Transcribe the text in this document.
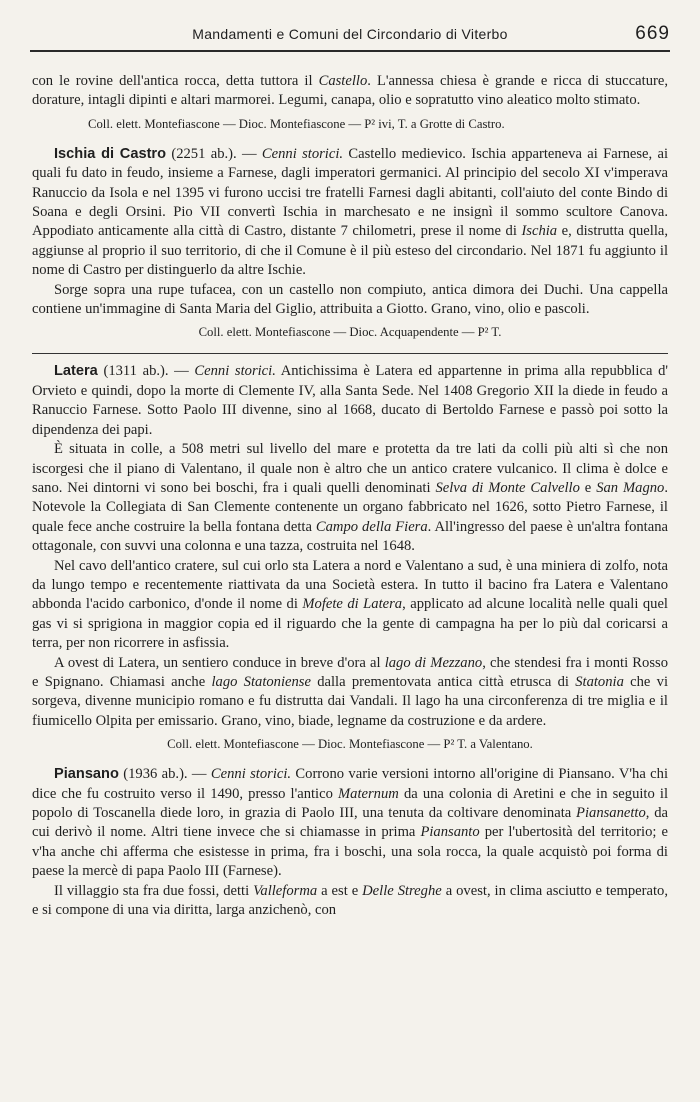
Mandamenti e Comuni del Circondario di Viterbo	669

con le rovine dell'antica rocca, detta tuttora il Castello. L'annessa chiesa è grande e ricca di stuccature, dorature, intagli dipinti e altari marmorei. Legumi, canapa, olio e sopratutto vino aleatico molto stimato.

Coll. elett. Montefiascone — Dioc. Montefiascone — P² ivi, T. a Grotte di Castro.

Ischia di Castro (2251 ab.). — Cenni storici. Castello medievico. Ischia apparteneva ai Farnese, ai quali fu dato in feudo, insieme a Farnese, dagli imperatori germanici. Al principio del secolo XI v'imperava Ranuccio da Isola e nel 1395 vi furono uccisi tre fratelli Farnesi dagli abitanti, coll'aiuto del conte Bindo di Soana e degli Orsini. Pio VII convertì Ischia in marchesato e ne insignì il sommo scultore Canova. Appodiato anticamente alla città di Castro, distante 7 chilometri, prese il nome di Ischia e, distrutta quella, aggiunse al proprio il suo territorio, di che il Comune è il più esteso del circondario. Nel 1871 fu aggiunto il nome di Castro per distinguerlo da altre Ischie.

Sorge sopra una rupe tufacea, con un castello non compiuto, antica dimora dei Duchi. Una cappella contiene un'immagine di Santa Maria del Giglio, attribuita a Giotto. Grano, vino, olio e pascoli.

Coll. elett. Montefiascone — Dioc. Acquapendente — P² T.

Latera (1311 ab.). — Cenni storici. Antichissima è Latera ed appartenne in prima alla repubblica d' Orvieto e quindi, dopo la morte di Clemente IV, alla Santa Sede. Nel 1408 Gregorio XII la diede in feudo a Ranuccio Farnese. Sotto Paolo III divenne, sino al 1668, ducato di Bertoldo Farnese e passò poi sotto la dipendenza dei papi.

È situata in colle, a 508 metri sul livello del mare e protetta da tre lati da colli più alti sì che non iscorgesi che il piano di Valentano, il quale non è altro che un antico cratere vulcanico. Il clima è dolce e sano. Nei dintorni vi sono bei boschi, fra i quali quelli denominati Selva di Monte Calvello e San Magno. Notevole la Collegiata di San Clemente contenente un organo fabbricato nel 1626, sotto Pietro Farnese, il quale fece anche costruire la bella fontana detta Campo della Fiera. All'ingresso del paese è un'altra fontana ottagonale, con suvvi una colonna e una tazza, costruita nel 1648.

Nel cavo dell'antico cratere, sul cui orlo sta Latera a nord e Valentano a sud, è una miniera di zolfo, nota da lungo tempo e recentemente riattivata da una Società estera. In tutto il bacino fra Latera e Valentano abbonda l'acido carbonico, d'onde il nome di Mofete di Latera, applicato ad alcune località nelle quali quel gas vi si sprigiona in maggior copia ed il riguardo che la gente di campagna ha per lo più dal coricarsi a terra, per non ricorrere in asfissia.

A ovest di Latera, un sentiero conduce in breve d'ora al lago di Mezzano, che stendesi fra i monti Rosso e Spignano. Chiamasi anche lago Statoniense dalla prementovata antica città etrusca di Statonia che vi sorgeva, divenne municipio romano e fu distrutta dai Vandali. Il lago ha una circonferenza di tre miglia e il fiumicello Olpita per emissario. Grano, vino, biade, legname da costruzione e da ardere.

Coll. elett. Montefiascone — Dioc. Montefiascone — P² T. a Valentano.

Piansano (1936 ab.). — Cenni storici. Corrono varie versioni intorno all'origine di Piansano. V'ha chi dice che fu costruito verso il 1490, presso l'antico Maternum da una colonia di Aretini e che in seguito il popolo di Toscanella diede loro, in grazia di Paolo III, una tenuta da coltivare denominata Piansanetto, da cui derivò il nome. Altri tiene invece che si chiamasse in prima Piansanto per l'ubertosità del territorio; e v'ha anche chi afferma che esistesse in prima, fra i boschi, una sola rocca, la quale acquistò poi forma di paese la mercè di papa Paolo III (Farnese).

Il villaggio sta fra due fossi, detti Valleforma a est e Delle Streghe a ovest, in clima asciutto e temperato, e si compone di una via diritta, larga anzichenò, con
